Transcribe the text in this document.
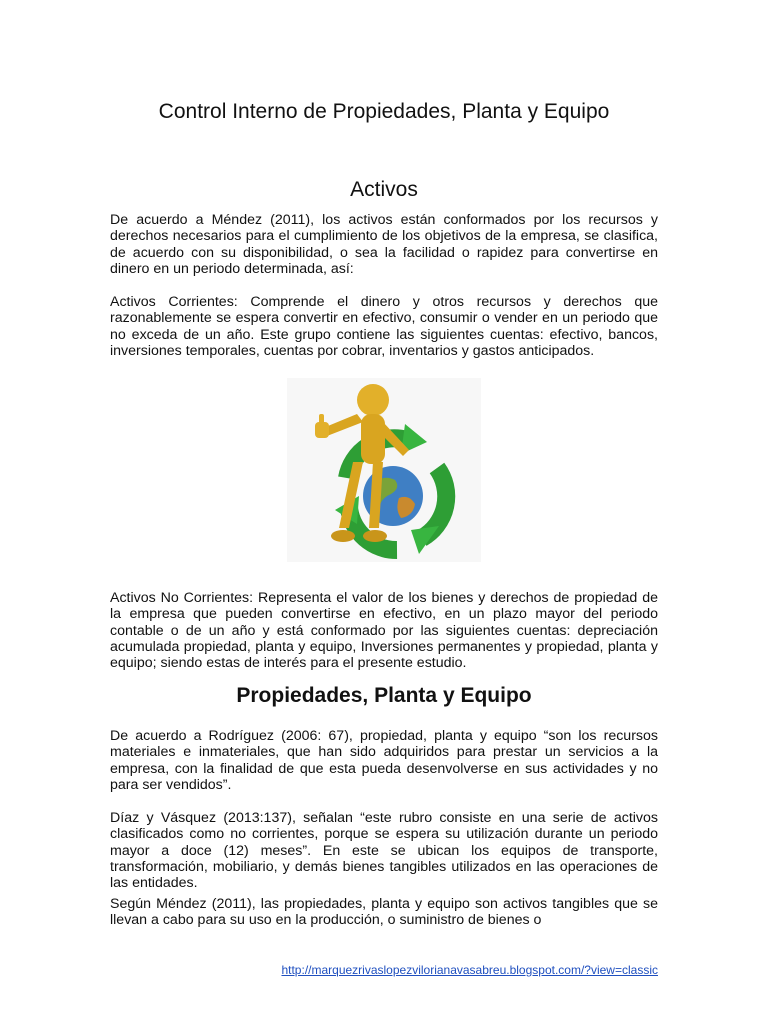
Control Interno de Propiedades, Planta y Equipo
Activos

De acuerdo a Méndez (2011), los activos están conformados por los recursos y derechos necesarios para el cumplimiento de los objetivos de la empresa, se clasifica, de acuerdo con su disponibilidad, o sea la facilidad o rapidez para convertirse en dinero en un periodo determinada, así:

Activos Corrientes: Comprende el dinero y otros recursos y derechos que razonablemente se espera convertir en efectivo, consumir o vender en un periodo que no exceda de un año. Este grupo contiene las siguientes cuentas: efectivo, bancos, inversiones temporales, cuentas por cobrar, inventarios y gastos anticipados.

Activos No Corrientes: Representa el valor de los bienes y derechos de propiedad de la empresa que pueden convertirse en efectivo, en un plazo mayor del periodo contable o de un año y está conformado por las siguientes cuentas: depreciación acumulada propiedad, planta y equipo, Inversiones permanentes y propiedad, planta y equipo; siendo estas de interés para el presente estudio.

Propiedades, Planta y Equipo

De acuerdo a Rodríguez (2006: 67), propiedad, planta y equipo “son los recursos materiales e inmateriales, que han sido adquiridos para prestar un servicios a la empresa, con la finalidad de que esta pueda desenvolverse en sus actividades y no para ser vendidos”.

Díaz y Vásquez (2013:137), señalan “este rubro consiste en una serie de activos clasificados como no corrientes, porque se espera su utilización durante un periodo mayor a doce (12) meses”. En este se ubican los equipos de transporte, transformación, mobiliario, y demás bienes tangibles utilizados en las operaciones de las entidades.

Según Méndez (2011), las propiedades, planta y equipo son activos tangibles que se llevan a cabo para su uso en la producción, o suministro de bienes o

http://marquezrivaslopezvilorianavasabreu.blogspot.com/?view=classic
